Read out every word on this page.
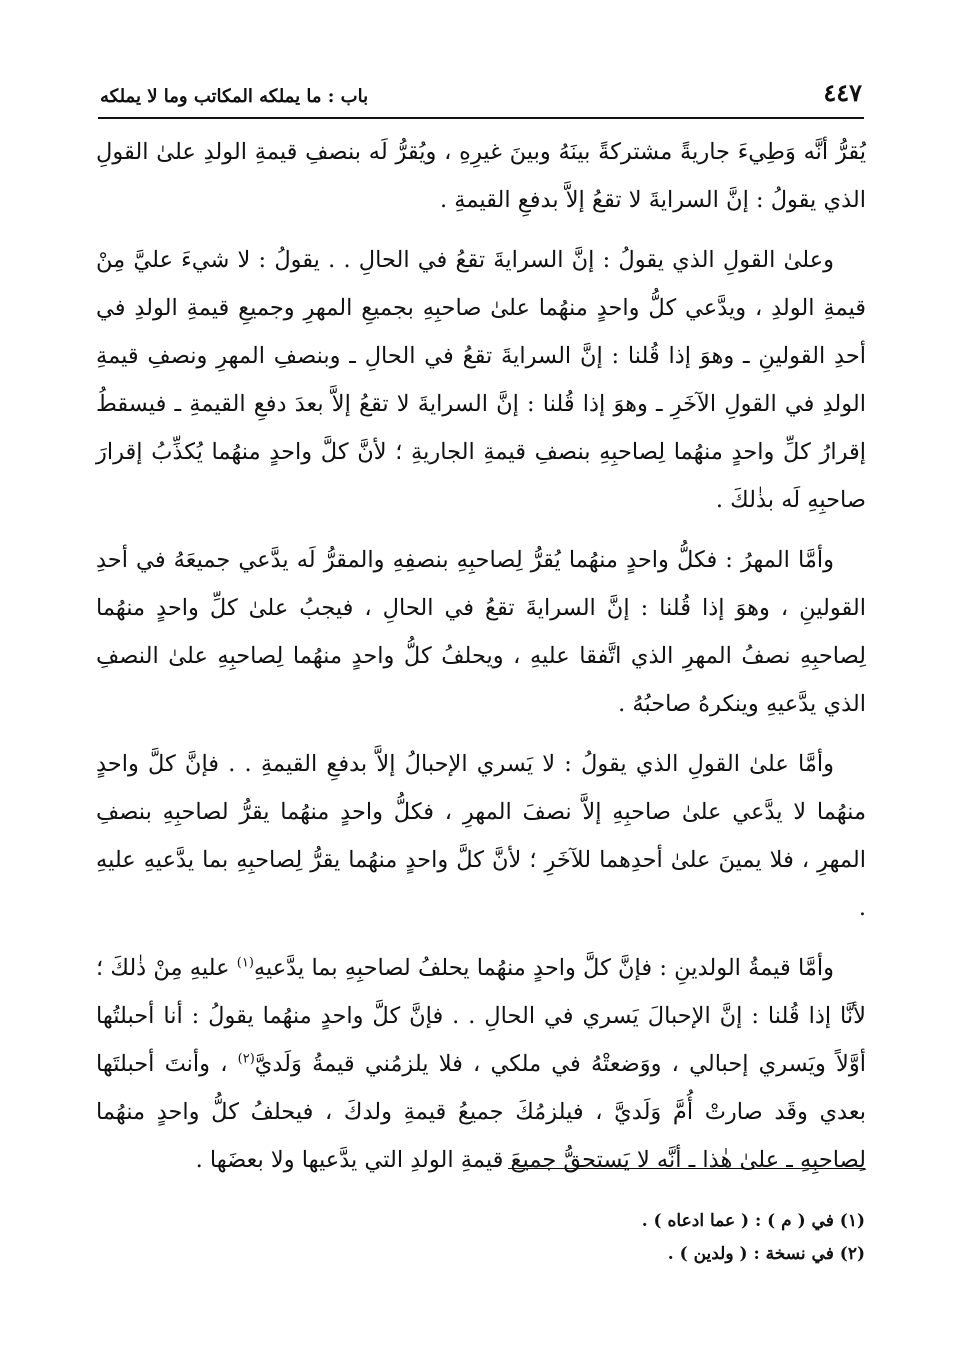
باب : ما يملكه المكاتب وما لا يملكه	٤٤٧

يُقرُّ أنَّه وَطِيءَ جاريةً مشتركةً بينَهُ وبينَ غيرِهِ ، ويُقرُّ لَه بنصفِ قيمةِ الولدِ علىٰ القولِ الذي يقولُ : إنَّ السرايةَ لا تقعُ إلاَّ بدفعِ القيمةِ .

وعلىٰ القولِ الذي يقولُ : إنَّ السرايةَ تقعُ في الحالِ . . يقولُ : لا شيءَ عليَّ مِنْ قيمةِ الولدِ ، ويدَّعي كلُّ واحدٍ منهُما علىٰ صاحبِهِ بجميعِ المهرِ وجميعِ قيمةِ الولدِ في أحدِ القولينِ ـ وهوَ إذا قُلنا : إنَّ السرايةَ تقعُ في الحالِ ـ وبنصفِ المهرِ ونصفِ قيمةِ الولدِ في القولِ الآخَرِ ـ وهوَ إذا قُلنا : إنَّ السرايةَ لا تقعُ إلاَّ بعدَ دفعِ القيمةِ ـ فيسقطُ إقرارُ كلِّ واحدٍ منهُما لِصاحبِهِ بنصفِ قيمةِ الجاريةِ ؛ لأنَّ كلَّ واحدٍ منهُما يُكذِّبُ إقرارَ صاحبِهِ لَه بذٰلكَ .

وأمَّا المهرُ : فكلُّ واحدٍ منهُما يُقرُّ لِصاحبِهِ بنصفِهِ والمقرُّ لَه يدَّعي جميعَهُ في أحدِ القولينِ ، وهوَ إذا قُلنا : إنَّ السرايةَ تقعُ في الحالِ ، فيجبُ علىٰ كلِّ واحدٍ منهُما لِصاحبِهِ نصفُ المهرِ الذي اتَّفقا عليهِ ، ويحلفُ كلُّ واحدٍ منهُما لِصاحبِهِ علىٰ النصفِ الذي يدَّعيهِ وينكرهُ صاحبُهُ .

وأمَّا علىٰ القولِ الذي يقولُ : لا يَسري الإحبالُ إلاَّ بدفعِ القيمةِ . . فإنَّ كلَّ واحدٍ منهُما لا يدَّعي علىٰ صاحبِهِ إلاَّ نصفَ المهرِ ، فكلُّ واحدٍ منهُما يقرُّ لصاحبِهِ بنصفِ المهرِ ، فلا يمينَ علىٰ أحدِهما للآخَرِ ؛ لأنَّ كلَّ واحدٍ منهُما يقرُّ لِصاحبِهِ بما يدَّعيهِ عليهِ .

وأمَّا قيمةُ الولدينِ : فإنَّ كلَّ واحدٍ منهُما يحلفُ لصاحبِهِ بما يدَّعيهِ$^{(١)}$ عليهِ مِنْ ذٰلكَ ؛ لأنَّا إذا قُلنا : إنَّ الإحبالَ يَسري في الحالِ . . فإنَّ كلَّ واحدٍ منهُما يقولُ : أنا أحبلتُها أوَّلاً ويَسري إحبالي ، ووَضعتْهُ في ملكي ، فلا يلزمُني قيمةُ وَلَديَّ$^{(٢)}$ ، وأنتَ أحبلتَها بعدي وقَد صارتْ أُمَّ وَلَديَّ ، فيلزمُكَ جميعُ قيمةِ ولدكَ ، فيحلفُ كلُّ واحدٍ منهُما لِصاحبِهِ ـ علىٰ هٰذا ـ أنَّه لا يَستحقُّ جميعَ قيمةِ الولدِ التي يدَّعيها ولا بعضَها .

(١) في ( م ) : ( عما ادعاه ) .

(٢) في نسخة : ( ولدين ) .
